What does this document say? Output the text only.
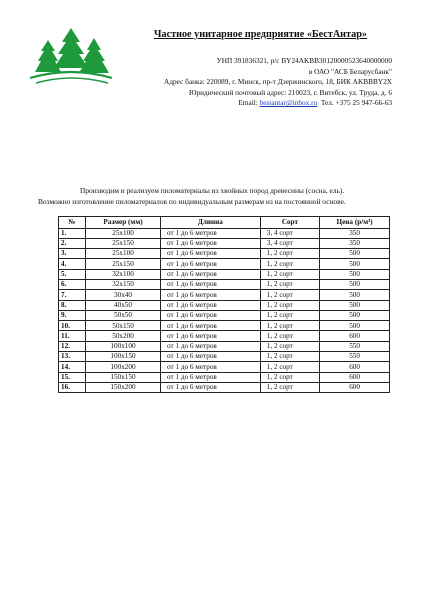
Частное унитарное предприятие «БестАнтар»
УНП 391836321, р/с BY24AKBB30120000523640000000
в ОАО "АСБ Беларусбанк"
Адрес банка: 220089, г. Минск, пр-т Дзержинского, 18, БИК AKBBBY2X
Юридический почтовый адрес: 210023, г. Витебск, ул. Труда, д. 6
Email: bestantar@inbox.ru Тел. +375 25 947-66-63

Производим и реализуем пиломатериалы из хвойных пород древесины (сосна, ель).

Возможно изготовление пиломатериалов по индивидуальным размерам из на постоянной основе.
№	Размер (мм)	Длинна	Сорт	Цена (р/м³)
1.	25x100	от 1 до 6 метров	3, 4 сорт	350
2.	25x150	от 1 до 6 метров	3, 4 сорт	350
3.	25x100	от 1 до 6 метров	1, 2 сорт	500
4.	25x150	от 1 до 6 метров	1, 2 сорт	500
5.	32x100	от 1 до 6 метров	1, 2 сорт	500
6.	32x150	от 1 до 6 метров	1, 2 сорт	500
7.	30x40	от 1 до 6 метров	1, 2 сорт	500
8.	40x50	от 1 до 6 метров	1, 2 сорт	500
9.	50x50	от 1 до 6 метров	1, 2 сорт	500
10.	50x150	от 1 до 6 метров	1, 2 сорт	500
11.	50x200	от 1 до 6 метров	1, 2 сорт	600
12.	100x100	от 1 до 6 метров	1, 2 сорт	550
13.	100x150	от 1 до 6 метров	1, 2 сорт	550
14.	100x200	от 1 до 6 метров	1, 2 сорт	600
15.	150x150	от 1 до 6 метров	1, 2 сорт	600
16.	150x200	от 1 до 6 метров	1, 2 сорт	600
